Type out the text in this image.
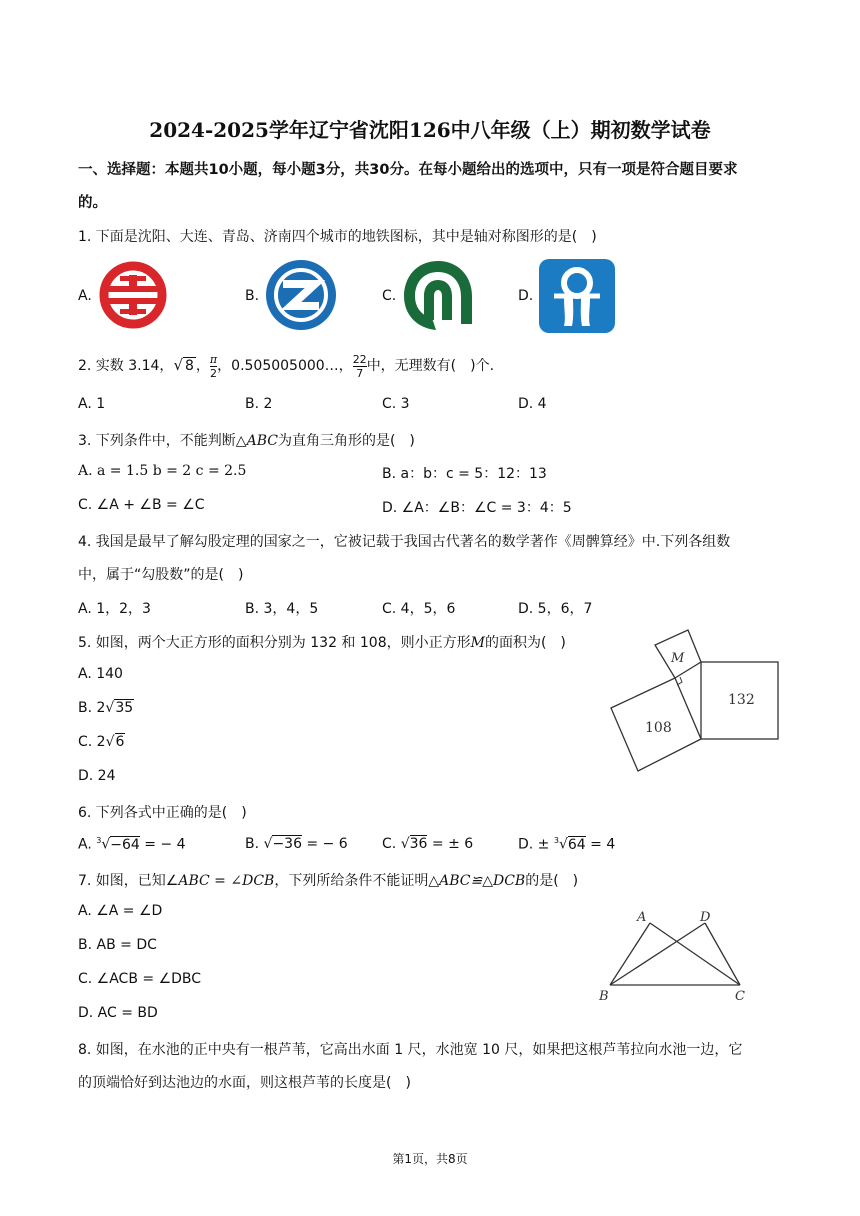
2024-2025学年辽宁省沈阳126中八年级（上）期初数学试卷
一、选择题：本题共10小题，每小题3分，共30分。在每小题给出的选项中，只有一项是符合题目要求
的。
1. 下面是沈阳、大连、青岛、济南四个城市的地铁图标，其中是轴对称图形的是(　)
A.	B.	C.	D.
2. 实数 3.14，√ 8 ， $\frac{\pi}{2}$ ，0.505005000…， $\frac{22}{7}$ 中，无理数有(　)个.
A. 1	B. 2	C. 3	D. 4
3. 下列条件中，不能判断△ABC为直角三角形的是(　)
A. a = 1.5 b = 2 c = 2.5	B. a：b：c = 5：12：13
C. ∠A + ∠B = ∠C	D. ∠A：∠B：∠C = 3：4：5
4. 我国是最早了解勾股定理的国家之一，它被记载于我国古代著名的数学著作《周髀算经》中.下列各组数
中，属于“勾股数”的是(　)
A. 1，2，3	B. 3，4，5	C. 4，5，6	D. 5，6，7
5. 如图，两个大正方形的面积分别为 132 和 108，则小正方形M的面积为(　)
A. 140
B. 2√35
C. 2√6
D. 24
M
132
108
6. 下列各式中正确的是(　)
A. $^3$√−64 = − 4	B. √−36 = − 6 C. √36 = ± 6	D. ± $^3$√64 = 4
7. 如图，已知∠ABC = ∠DCB，下列所给条件不能证明△ABC≌△DCB的是(　)
A. ∠A = ∠D
B. AB = DC
C. ∠ACB = ∠DBC
D. AC = BD
A	D
B	C
8. 如图，在水池的正中央有一根芦苇，它高出水面 1 尺，水池宽 10 尺，如果把这根芦苇拉向水池一边，它
的顶端恰好到达池边的水面，则这根芦苇的长度是(　)
第1页，共8页
